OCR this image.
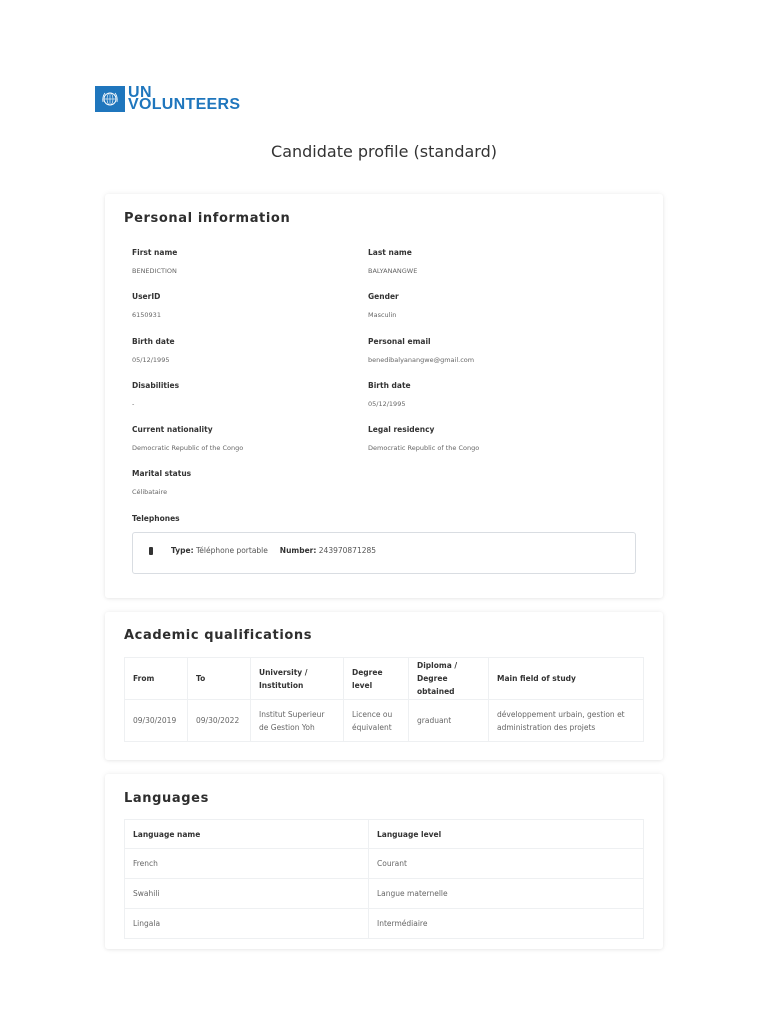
UN
VOLUNTEERS
Candidate profile (standard)
Personal information
First name
BENEDICTION
Last name
BALYANANGWE
UserID
6150931
Gender
Masculin
Birth date
05/12/1995
Personal email
benedibalyanangwe@gmail.com
Disabilities
-
Birth date
05/12/1995
Current nationality
Democratic Republic of the Congo
Legal residency
Democratic Republic of the Congo
Marital status
Célibataire
Telephones
Type: Téléphone portable Number: 243970871285
Academic qualifications
From	To	University / Institution	Degree level	Diploma / Degree obtained	Main field of study
09/30/2019	09/30/2022	Institut Superieur de Gestion Yoh	Licence ou équivalent	graduant	développement urbain, gestion et administration des projets
Languages
Language name	Language level
French	Courant
Swahili	Langue maternelle
Lingala	Intermédiaire
